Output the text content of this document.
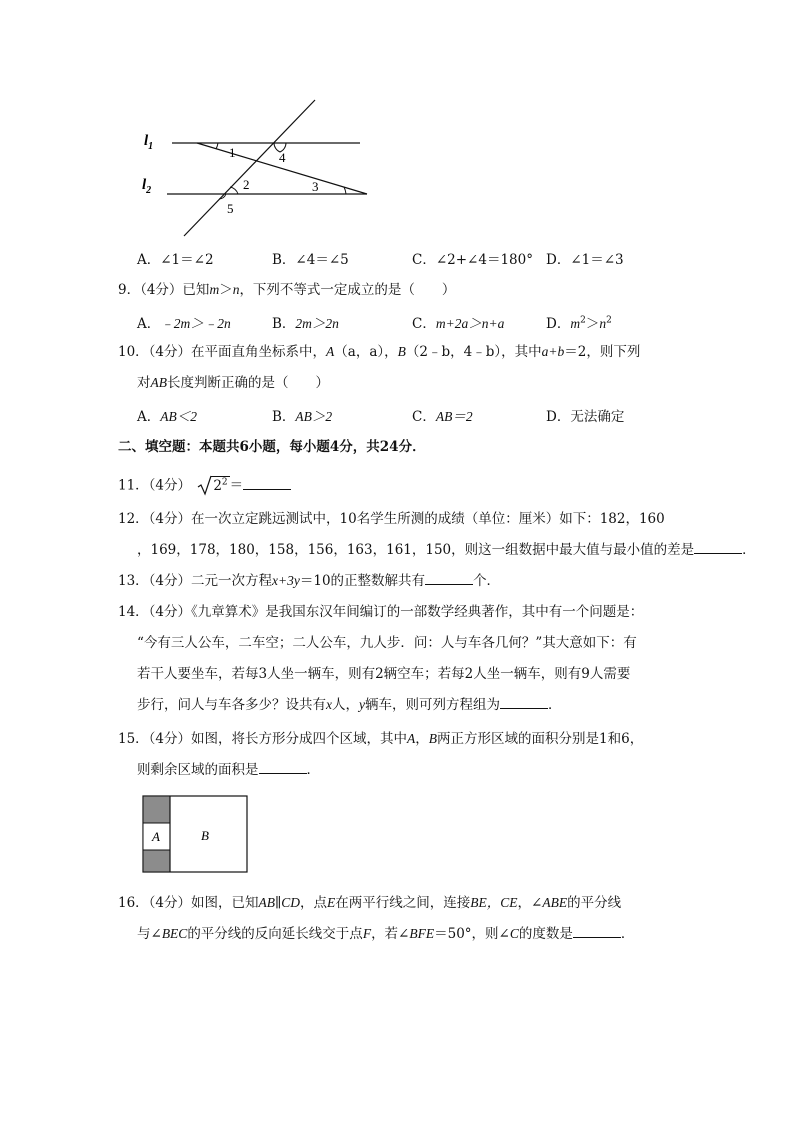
$l_1$
$l_2$
1	4
2	3
5
A．∠1＝∠2	B．∠4＝∠5	C．∠2+∠4＝180° D．∠1＝∠3
9．（4分）已知m＞n，下列不等式一定成立的是（　　）
A．﹣2m＞﹣2n	B．2m＞2n	C．m+2a＞n+a	D．$m^2>n^2$
10．（4分）在平面直角坐标系中，A（a，a），B（2﹣b，4﹣b），其中a+b＝2，则下列
对AB长度判断正确的是（　　）
A．AB＜2	B．AB＞2	C．AB＝2	D．无法确定
二、填空题：本题共6小题，每小题4分，共24分．
11．（4分） $2^2$ ＝
12．（4分）在一次立定跳远测试中，10名学生所测的成绩（单位：厘米）如下：182，160
，169，178，180，158，156，163，161，150，则这一组数据中最大值与最小值的差是	．
13．（4分）二元一次方程x+3y＝10的正整数解共有	个．
14．（4分）《九章算术》是我国东汉年间编订的一部数学经典著作，其中有一个问题是：
“今有三人公车，二车空；二人公车，九人步．问：人与车各几何？”其大意如下：有
若干人要坐车，若每3人坐一辆车，则有2辆空车；若每2人坐一辆车，则有9人需要
步行，问人与车各多少？设共有x人，y辆车，则可列方程组为	．
15．（4分）如图，将长方形分成四个区域，其中A，B两正方形区域的面积分别是1和6，
则剩余区域的面积是	．
A	B
16．（4分）如图，已知AB∥CD，点E在两平行线之间，连接BE，CE，∠ABE的平分线
与∠BEC的平分线的反向延长线交于点F，若∠BFE＝50°，则∠C的度数是	．
